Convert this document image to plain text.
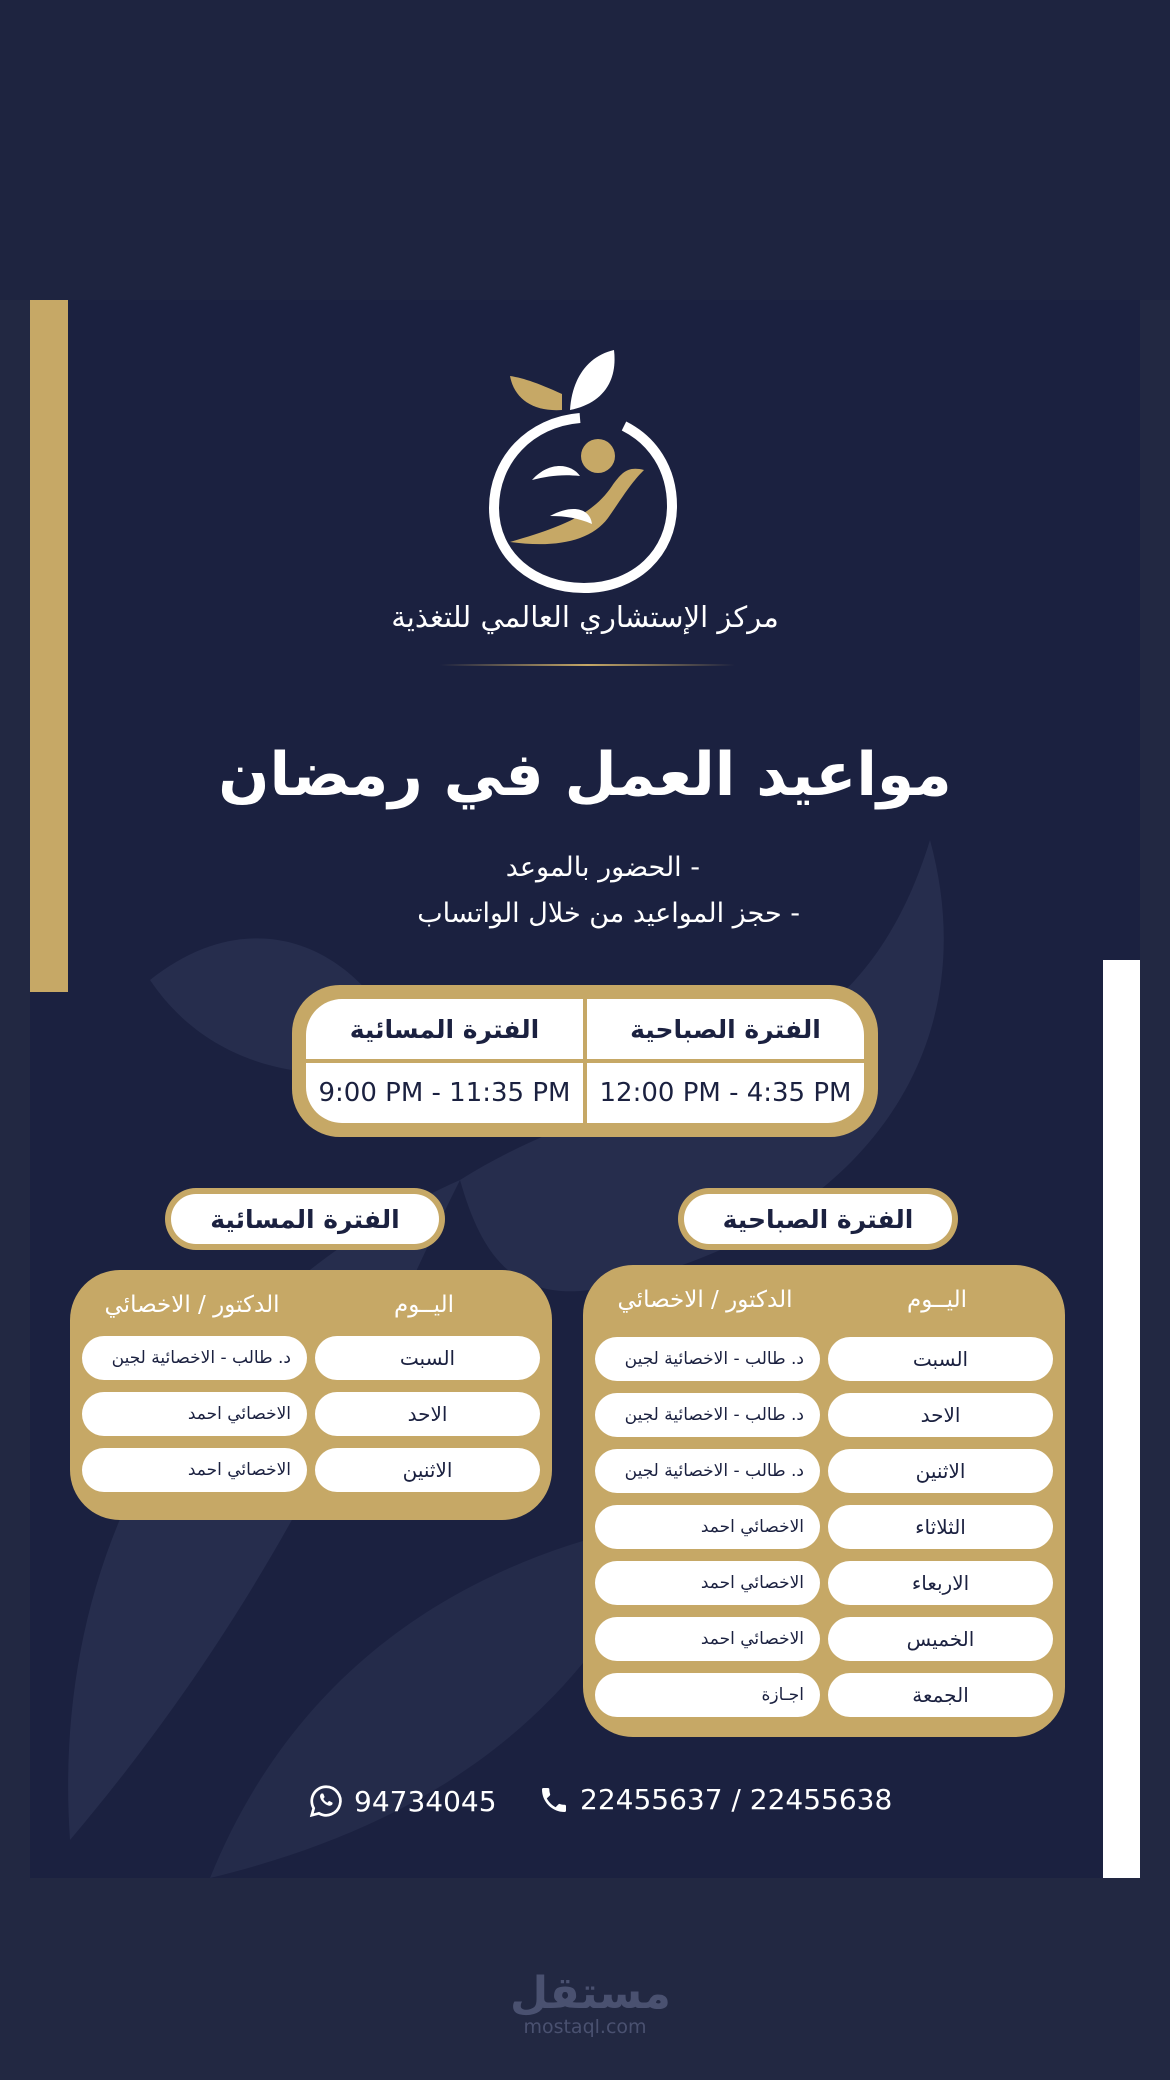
مركز الإستشاري العالمي للتغذية
مواعيد العمل في رمضان
- الحضور بالموعد
- حجز المواعيد من خلال الواتساب
الفترة الصباحية
12:00 PM - 4:35 PM
الفترة المسائية
9:00 PM - 11:35 PM
الفترة الصباحية
الفترة المسائية
اليــوم
الدكتور / الاخصائي
السبت
د. طالب - الاخصائية لجين
الاحد
د. طالب - الاخصائية لجين
الاثنين
د. طالب - الاخصائية لجين
الثلاثاء
الاخصائي احمد
الاربعاء
الاخصائي احمد
الخميس
الاخصائي احمد
الجمعة
اجـازة
اليــوم
الدكتور / الاخصائي
السبت
د. طالب - الاخصائية لجين
الاحد
الاخصائي احمد
الاثنين
الاخصائي احمد
22455637 / 22455638
94734045
مستقل
mostaql.com
